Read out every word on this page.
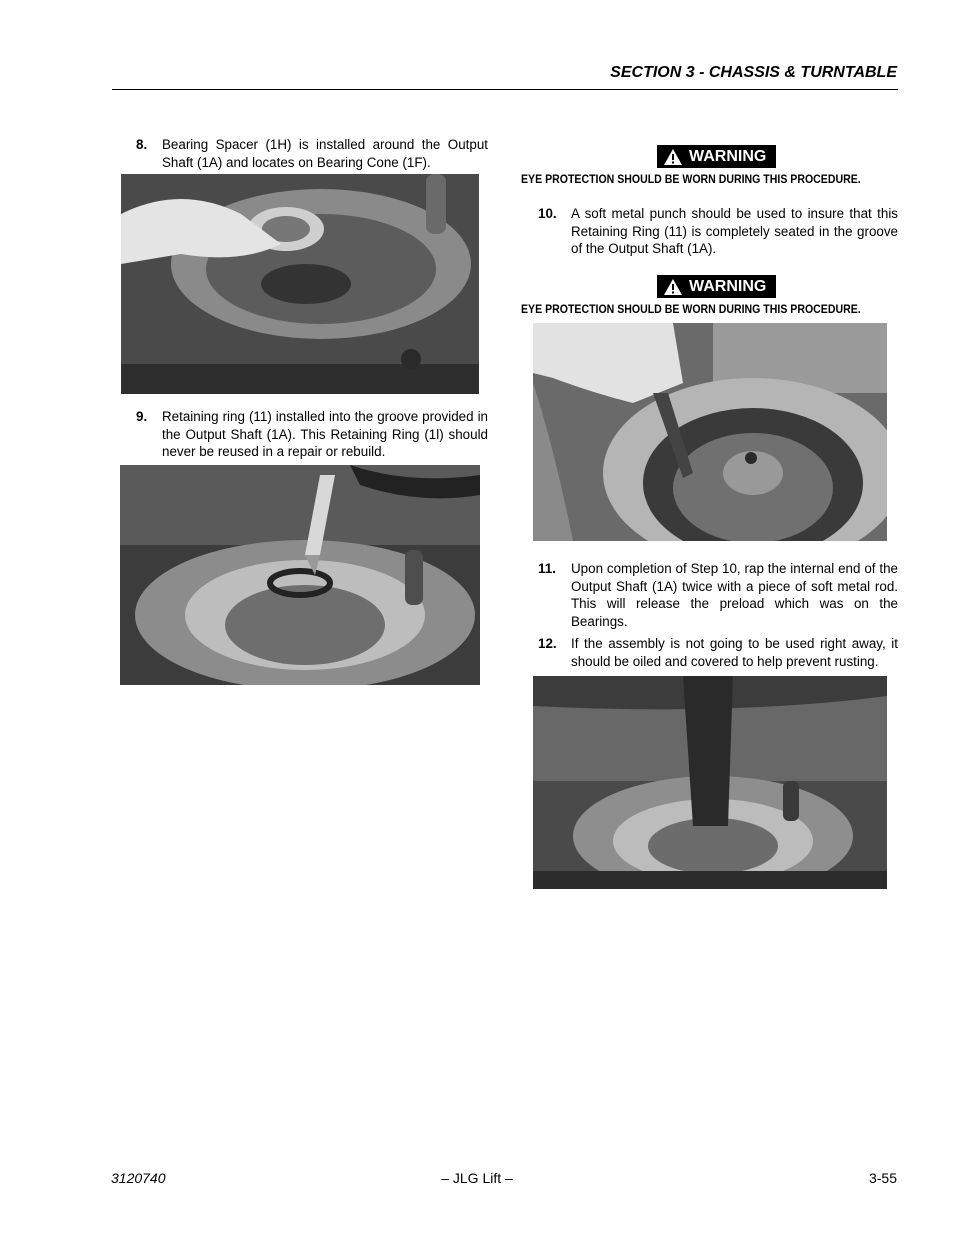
SECTION 3 - CHASSIS & TURNTABLE
8. Bearing Spacer (1H) is installed around the Output Shaft (1A) and locates on Bearing Cone (1F).
9. Retaining ring (11) installed into the groove provided in the Output Shaft (1A). This Retaining Ring (1l) should never be reused in a repair or rebuild.
WARNING
EYE PROTECTION SHOULD BE WORN DURING THIS PROCEDURE.
10. A soft metal punch should be used to insure that this Retaining Ring (11) is completely seated in the groove of the Output Shaft (1A).
WARNING
EYE PROTECTION SHOULD BE WORN DURING THIS PROCEDURE.
11. Upon completion of Step 10, rap the internal end of the Output Shaft (1A) twice with a piece of soft metal rod. This will release the preload which was on the Bearings.
12. If the assembly is not going to be used right away, it should be oiled and covered to help prevent rusting.
3120740	– JLG Lift –	3-55
